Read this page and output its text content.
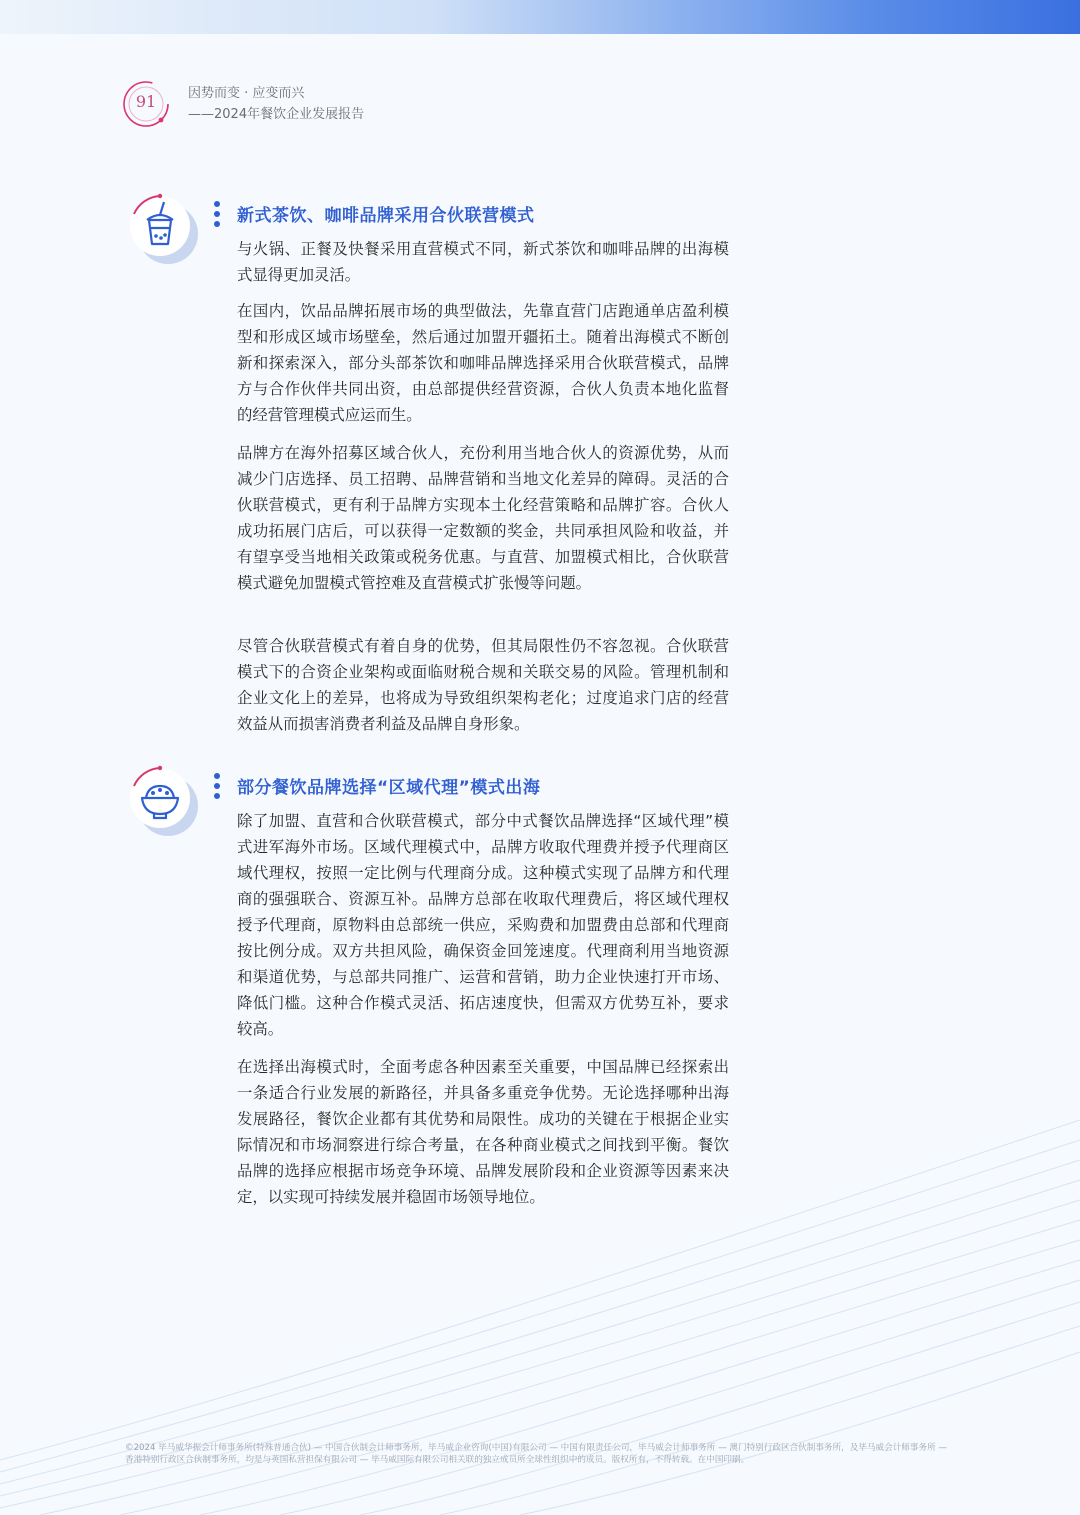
91	因势而变 · 应变而兴
——2024年餐饮企业发展报告
新式茶饮、咖啡品牌采用合伙联营模式

与火锅、正餐及快餐采用直营模式不同，新式茶饮和咖啡品牌的出海模式显得更加灵活。

在国内，饮品品牌拓展市场的典型做法，先靠直营门店跑通单店盈利模型和形成区域市场壁垒，然后通过加盟开疆拓土。随着出海模式不断创新和探索深入，部分头部茶饮和咖啡品牌选择采用合伙联营模式，品牌方与合作伙伴共同出资，由总部提供经营资源，合伙人负责本地化监督的经营管理模式应运而生。

品牌方在海外招募区域合伙人，充份利用当地合伙人的资源优势，从而减少门店选择、员工招聘、品牌营销和当地文化差异的障碍。灵活的合伙联营模式，更有利于品牌方实现本土化经营策略和品牌扩容。合伙人成功拓展门店后，可以获得一定数额的奖金，共同承担风险和收益，并有望享受当地相关政策或税务优惠。与直营、加盟模式相比，合伙联营模式避免加盟模式管控难及直营模式扩张慢等问题。

尽管合伙联营模式有着自身的优势，但其局限性仍不容忽视。合伙联营模式下的合资企业架构或面临财税合规和关联交易的风险。管理机制和企业文化上的差异，也将成为导致组织架构老化；过度追求门店的经营效益从而损害消费者利益及品牌自身形象。

部分餐饮品牌选择“区域代理”模式出海

除了加盟、直营和合伙联营模式，部分中式餐饮品牌选择“区域代理”模式进军海外市场。区域代理模式中，品牌方收取代理费并授予代理商区域代理权，按照一定比例与代理商分成。这种模式实现了品牌方和代理商的强强联合、资源互补。品牌方总部在收取代理费后，将区域代理权授予代理商，原物料由总部统一供应，采购费和加盟费由总部和代理商按比例分成。双方共担风险，确保资金回笼速度。代理商利用当地资源和渠道优势，与总部共同推广、运营和营销，助力企业快速打开市场、降低门槛。这种合作模式灵活、拓店速度快，但需双方优势互补，要求较高。

在选择出海模式时，全面考虑各种因素至关重要，中国品牌已经探索出一条适合行业发展的新路径，并具备多重竞争优势。无论选择哪种出海发展路径，餐饮企业都有其优势和局限性。成功的关键在于根据企业实际情况和市场洞察进行综合考量，在各种商业模式之间找到平衡。餐饮品牌的选择应根据市场竞争环境、品牌发展阶段和企业资源等因素来决定，以实现可持续发展并稳固市场领导地位。

©2024 毕马威华振会计师事务所(特殊普通合伙) — 中国合伙制会计师事务所，毕马威企业咨询(中国)有限公司 — 中国有限责任公司，毕马威会计师事务所 — 澳门特别行政区合伙制事务所，及毕马威会计师事务所 — 香港特别行政区合伙制事务所，均是与英国私营担保有限公司 — 毕马威国际有限公司相关联的独立成员所全球性组织中的成员。版权所有，不得转载。在中国印刷。
